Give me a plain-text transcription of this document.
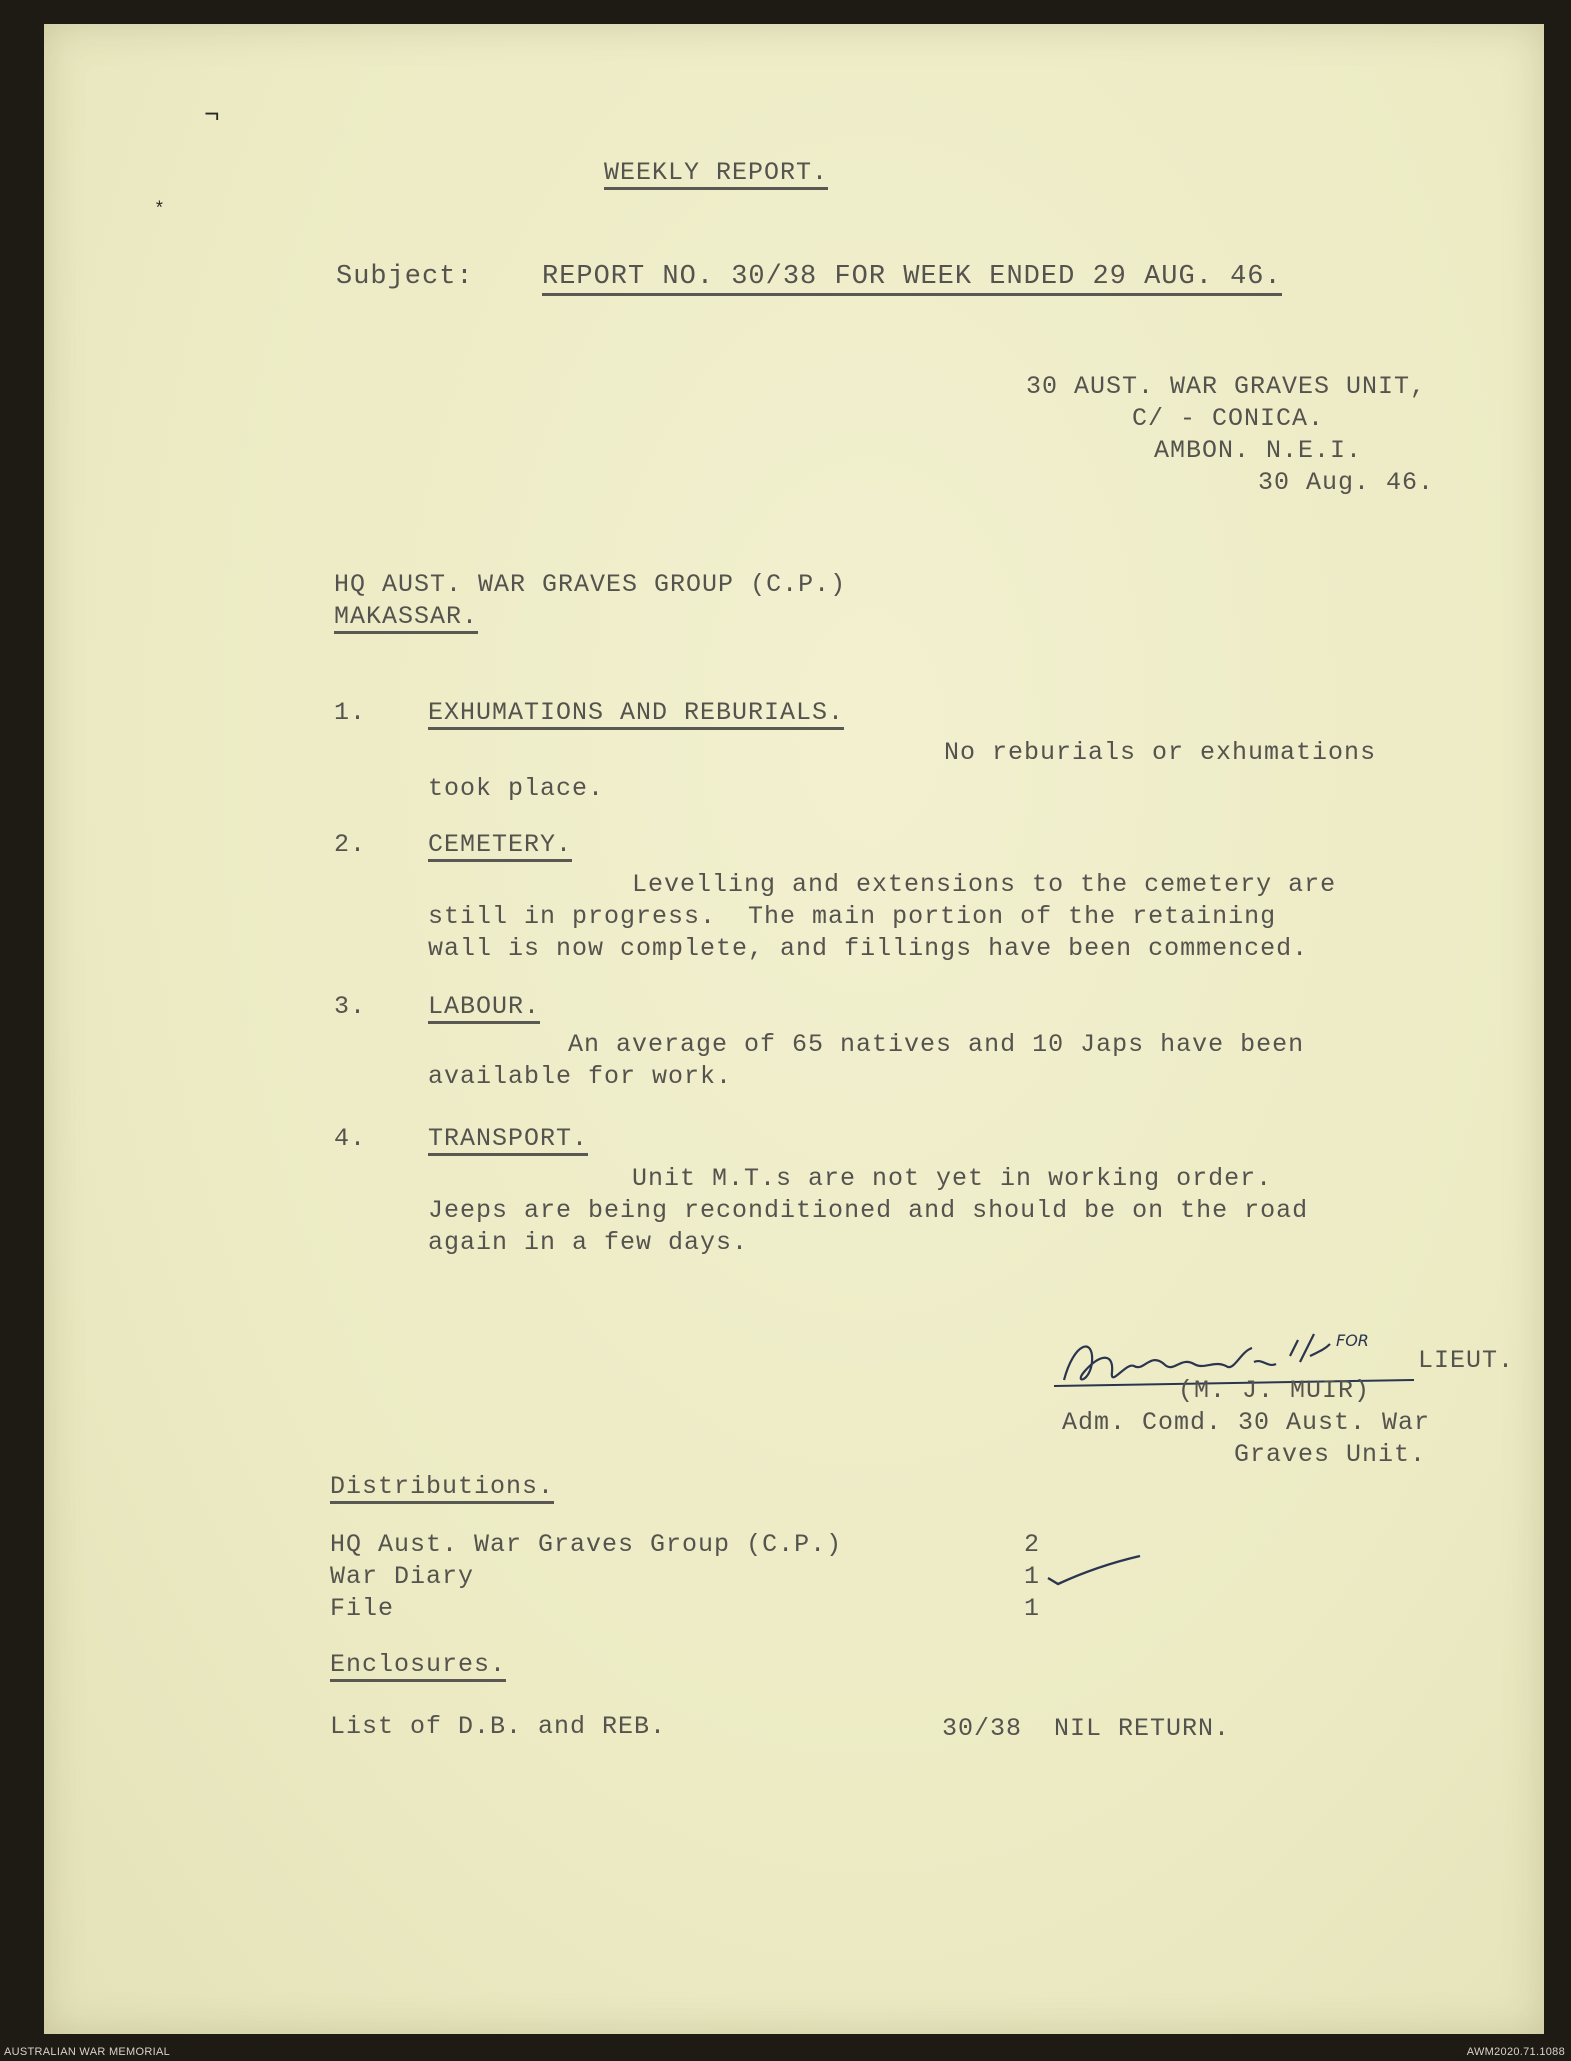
¬
*
WEEKLY REPORT.
Subject:	REPORT NO. 30/38 FOR WEEK ENDED 29 AUG. 46.
30 AUST. WAR GRAVES UNIT,
C/ - CONICA.
AMBON. N.E.I.
30 Aug. 46.
HQ AUST. WAR GRAVES GROUP (C.P.)
MAKASSAR.
1. EXHUMATIONS AND REBURIALS.
No reburials or exhumations
took place.
2. CEMETERY.
Levelling and extensions to the cemetery are
still in progress.  The main portion of the retaining
wall is now complete, and fillings have been commenced.
3. LABOUR.
An average of 65 natives and 10 Japs have been
available for work.
4. TRANSPORT.
Unit M.T.s are not yet in working order.
Jeeps are being reconditioned and should be on the road
again in a few days.
FOR
LIEUT.
(M. J. MUIR)
Adm. Comd. 30 Aust. War
Graves Unit.
Distributions.
HQ Aust. War Graves Group (C.P.)	2
War Diary	1
File	1
Enclosures.
List of D.B. and REB.	30/38  NIL RETURN.
AUSTRALIAN WAR MEMORIAL	AWM2020.71.1088
